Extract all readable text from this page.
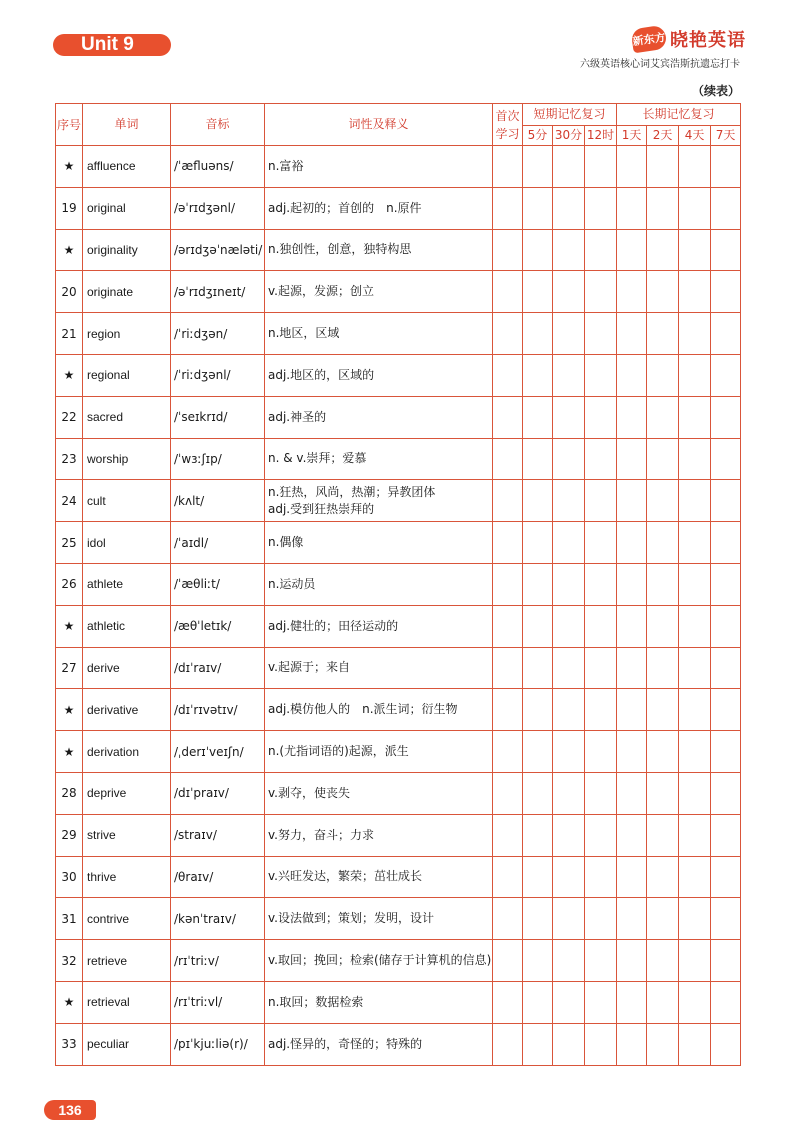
Unit 9	新东方 晓艳英语
六级英语核心词艾宾浩斯抗遗忘打卡
（续表）
序号	单词	音标	词性及释义	首次学习	短期记忆复习			长期记忆复习			
					5分	30分	12时	1天	2天	4天	7天
★	affluence	/ˈæfluəns/	n.富裕								

19	original	/əˈrɪdʒənl/	adj.起初的；首创的　n.原件								

★	originality	/ərɪdʒəˈnæləti/	n.独创性，创意，独特构思								

20	originate	/əˈrɪdʒɪneɪt/	v.起源，发源；创立								

21	region	/ˈriːdʒən/	n.地区，区域								

★	regional	/ˈriːdʒənl/	adj.地区的，区域的								

22	sacred	/ˈseɪkrɪd/	adj.神圣的								

23	worship	/ˈwɜːʃɪp/	n. & v.崇拜；爱慕								

24	cult	/kʌlt/	n.狂热，风尚，热潮；异教团体
adj.受到狂热崇拜的								

25	idol	/ˈaɪdl/	n.偶像								

26	athlete	/ˈæθliːt/	n.运动员								

★	athletic	/æθˈletɪk/	adj.健壮的；田径运动的								

27	derive	/dɪˈraɪv/	v.起源于；来自								

★	derivative	/dɪˈrɪvətɪv/	adj.模仿他人的　n.派生词；衍生物								

★	derivation	/ˌderɪˈveɪʃn/	n.(尤指词语的)起源，派生								

28	deprive	/dɪˈpraɪv/	v.剥夺，使丧失								

29	strive	/straɪv/	v.努力，奋斗；力求								

30	thrive	/θraɪv/	v.兴旺发达，繁荣；茁壮成长								

31	contrive	/kənˈtraɪv/	v.设法做到；策划；发明，设计								

32	retrieve	/rɪˈtriːv/	v.取回；挽回；检索(储存于计算机的信息)								

★	retrieval	/rɪˈtriːvl/	n.取回；数据检索								

33	peculiar	/pɪˈkjuːliə(r)/	adj.怪异的，奇怪的；特殊的								

136
